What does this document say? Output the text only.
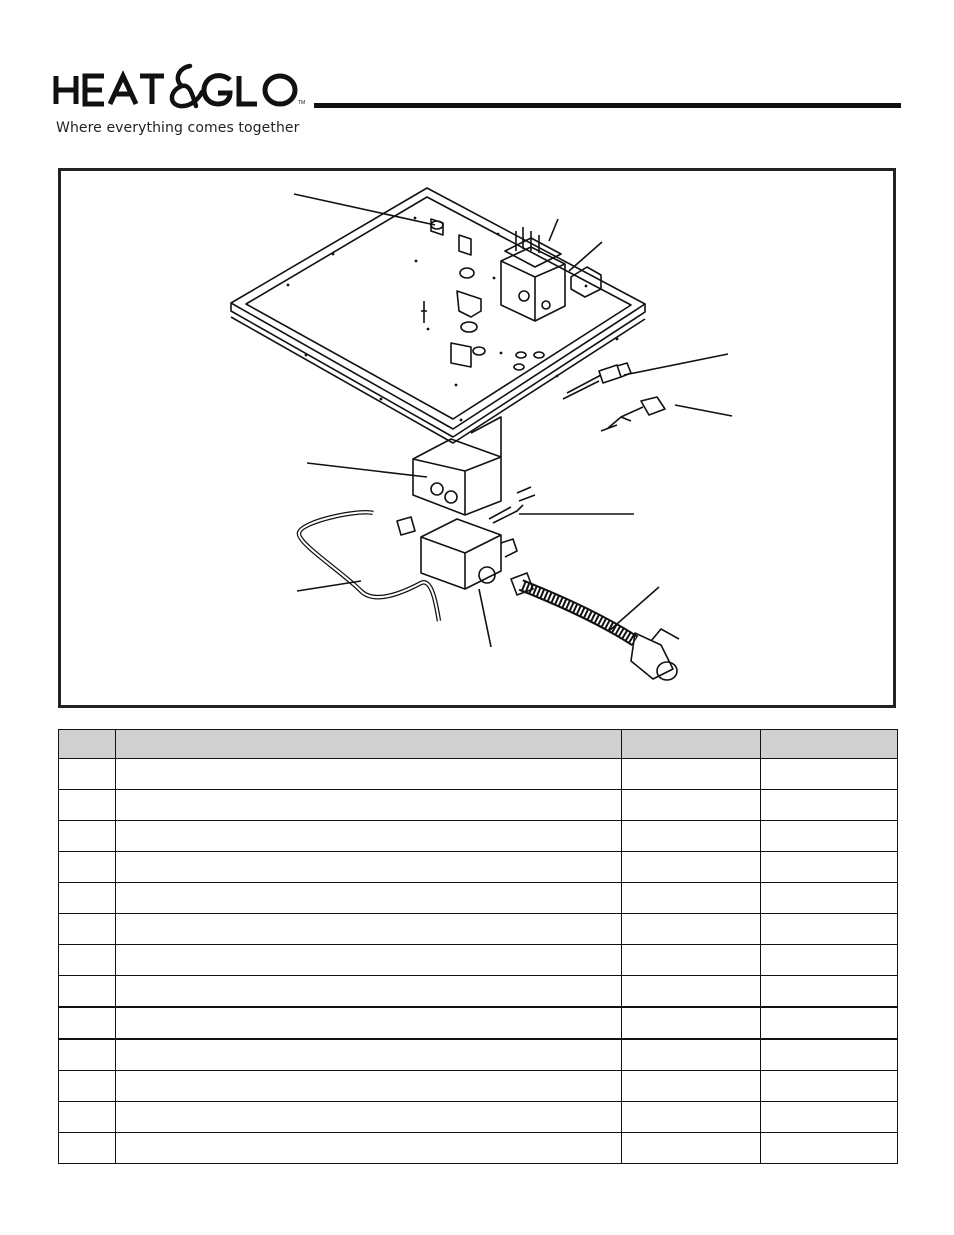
TM
Where everything comes together
